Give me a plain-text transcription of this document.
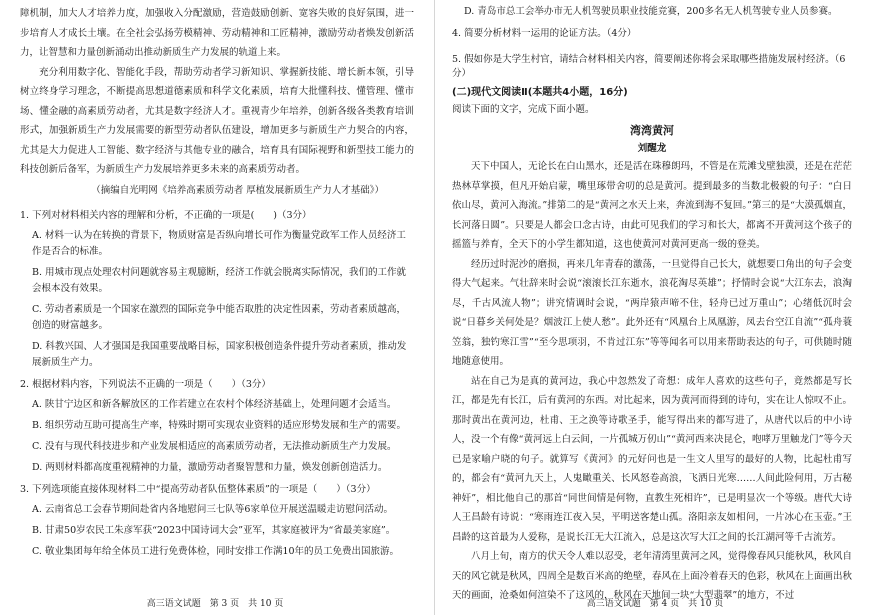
障机制，加大人才培养力度，加强收入分配激励，营造鼓励创新、宽容失败的良好氛围，进一步培育人才成长土壤。在全社会弘扬劳模精神、劳动精神和工匠精神，激励劳动者焕发创新活力，让智慧和力量创新涌动出推动新质生产力发展的轨道上来。

充分利用数字化、智能化手段，帮助劳动者学习新知识、掌握新技能、增长新本领，引导树立终身学习理念，不断提高思想道德素质和科学文化素质，培育大批懂科技、懂管理、懂市场、懂金融的高素质劳动者，尤其是数字经济人才。重视青少年培养，创新各级各类教育培训形式，加强新质生产力发展需要的新型劳动者队伍建设，增加更多与新质生产力契合的内容，尤其是大力促进人工智能、数字经济与其他专业的融合，培育具有国际视野和新型技工能力的科技创新后备军，为新质生产力发展培养更多未来的高素质劳动者。

（摘编自光明网《培养高素质劳动者 厚植发展新质生产力人才基础》）

1. 下列对材料相关内容的理解和分析，不正确的一项是(　　)（3分）

A. 材料一认为在转换的背景下，物质财富是否纵向增长可作为衡量党政军工作人员经济工作是否合的标准。

B. 用城市现点处理农村问题就容易主观臆断，经济工作就会脱离实际情况，我们的工作就会根本没有效果。

C. 劳动者素质是一个国家在激烈的国际竞争中能否取胜的决定性因素，劳动者素质越高，创造的财富越多。

D. 科教兴国、人才强国是我国重要战略目标，国家积极创造条件提升劳动者素质，推动发展新质生产力。

2. 根据材料内容，下列说法不正确的一项是（　　）（3分）

A. 陕甘宁边区和新各解放区的工作若建立在农村个体经济基础上，处理问题才会适当。

B. 组织劳动互助可提高生产率，特殊时期可实现农业资料的适应形势发展和生产的需要。

C. 没有与现代科技进步和产业发展相适应的高素质劳动者，无法推动新质生产力发展。

D. 两则材料都高度重视精神的力量，激励劳动者聚智慧和力量，焕发创新创造活力。

3. 下列选项能直接体现材料二中“提高劳动者队伍整体素质”的一项是（　　）（3分）

A. 云南省总工会春节期间赴省内各地慰问三七队等6家单位开展送温暖走访慰问活动。

B. 甘肃50岁农民工朱彦军获“2023中国诗词大会”亚军，其家庭被评为“省最美家庭”。

C. 敬业集团每年给全体员工进行免费体检，同时安排工作满10年的员工免费出国旅游。

高三语文试题　第 3 页　共 10 页

D. 青岛市总工会举办市无人机驾驶员职业技能竞赛，200多名无人机驾驶专业人员参赛。

4. 简要分析材料一运用的论证方法。（4分）

5. 假如你是大学生村官，请结合材料相关内容，简要阐述你将会采取哪些措施发展村经济。（6分）

(二)现代文阅读Ⅱ(本题共4小题，16分)

阅读下面的文字，完成下面小题。

湾湾黄河

刘醒龙

天下中国人，无论长在白山黑水，还是活在珠穆朗玛，不管是在荒滩戈壁独漠，还是在茫茫热林草掌摸，但凡开始启蒙，嘴里琢带舍叨的总是黄河。提到最多的当数北极毅的句子：“白日依山尽，黄河入海流。”排第二的是“黄河之水天上来，奔流到海不复回。”第三的是“大漠孤烟直，长河落日圆”。只要是人都会口念古诗，由此可见我们的学习和长大，都离不开黄河这个孩子的摇篮与养育，全天下的小学生都知道，这也使黄河对黄河更高一级的登美。

经历过时泥沙的磨损，再来几年青春的激荡，一旦觉得自己长大，就想要口角出的句子会变得大气起来。气壮辞来时会说“滚滚长江东逝水，浪花淘尽英雄”；抒情时会说“大江东去，浪淘尽，千古风流人物”；讲究情调时会说，“两岸猿声啼不住，轻舟已过万重山”；心绪低沉时会说“日暮乡关何处是？烟波江上使人愁”。此外还有“风凰台上凤凰游，凤去台空江自流”“孤舟蓑笠翁，独钓寒江雪”“至今思项羽，不肯过江东”等等闻名可以用来帮助表达的句子，可供随时随地随意使用。

站在自己为是真的黄河边，我心中忽然发了奇想：成年人喜欢的这些句子，竟然都是写长江，都是先有长江，后有黄河的东西。对比起来，因为黄河而得到的诗句，实在让人惊叹不止。那时黄出在黄河边，杜甫、王之涣等诗歌圣手，能写得出来的都写进了，从唐代以后的中小诗人，没一个有像“黄河远上白云间，一片孤城万仞山”“黄河西来决昆仑，咆哮万里触龙门”等今天已是家喻户晓的句子。就算写《黄河》的元好问也是一生文人里写的最好的人物，比起杜甫写的，都会有“黄河九天上，人鬼瞰重关、长风怒卷高浪，飞洒日光寒……人间此险何用，万古秘神奸”，相比他自己的那首“同世间情是何物，直教生死相许”，已是明显次一个等级。唐代大诗人王昌龄有诗说：“寒雨连江夜入吴，平明送客楚山孤。洛阳亲友如相问，一片冰心在玉壶。”王昌龄的这首最为人爱称，是说长江无大江流入，总是这次写大江之间的长江湖河等千古流芳。

八月上旬，南方的伏天令人难以忍受，老年清湾里黄河之风，觉得像春风只能秋风，秋风自天的风它就是秋风，四周全是数百米高的绝壁，春风在上面冷着春天的色彩，秋风在上面画出秋天的画面，沧桑如何渲染不了这风的，秋风在天地间一块“大型翡翠”的地方，不过

高三语文试题　第 4 页　共 10 页
